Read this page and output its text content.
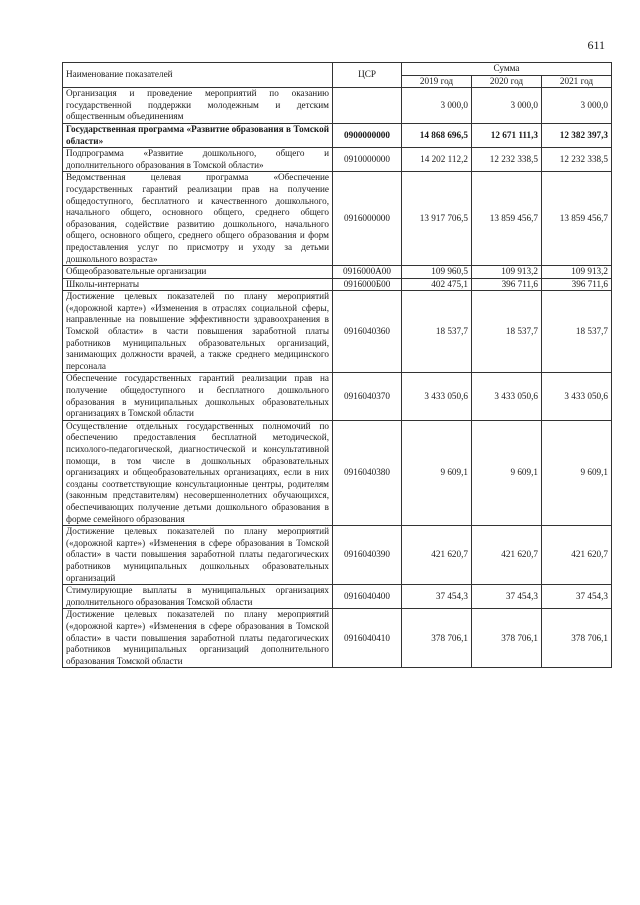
611
Наименование показателей	ЦСР	Сумма		
		2019 год	2020 год	2021 год
Организация и проведение мероприятий по оказанию государственной поддержки молодежным и детским общественным объединениям		3 000,0	3 000,0	3 000,0
Государственная программа «Развитие образования в Томской области»	0900000000	14 868 696,5	12 671 111,3	12 382 397,3
Подпрограмма «Развитие дошкольного, общего и дополнительного образования в Томской области»	0910000000	14 202 112,2	12 232 338,5	12 232 338,5
Ведомственная целевая программа «Обеспечение государственных гарантий реализации прав на получение общедоступного, бесплатного и качественного дошкольного, начального общего, основного общего, среднего общего образования, содействие развитию дошкольного, начального общего, основного общего, среднего общего образования и форм предоставления услуг по присмотру и уходу за детьми дошкольного возраста»	0916000000	13 917 706,5	13 859 456,7	13 859 456,7
Общеобразовательные организации	0916000А00	109 960,5	109 913,2	109 913,2
Школы-интернаты	0916000Б00	402 475,1	396 711,6	396 711,6
Достижение целевых показателей по плану мероприятий («дорожной карте») «Изменения в отраслях социальной сферы, направленные на повышение эффективности здравоохранения в Томской области» в части повышения заработной платы работников муниципальных образовательных организаций, занимающих должности врачей, а также среднего медицинского персонала	0916040360	18 537,7	18 537,7	18 537,7
Обеспечение государственных гарантий реализации прав на получение общедоступного и бесплатного дошкольного образования в муниципальных дошкольных образовательных организациях в Томской области	0916040370	3 433 050,6	3 433 050,6	3 433 050,6
Осуществление отдельных государственных полномочий по обеспечению предоставления бесплатной методической, психолого-педагогической, диагностической и консультативной помощи, в том числе в дошкольных образовательных организациях и общеобразовательных организациях, если в них созданы соответствующие консультационные центры, родителям (законным представителям) несовершеннолетних обучающихся, обеспечивающих получение детьми дошкольного образования в форме семейного образования	0916040380	9 609,1	9 609,1	9 609,1
Достижение целевых показателей по плану мероприятий («дорожной карте») «Изменения в сфере образования в Томской области» в части повышения заработной платы педагогических работников муниципальных дошкольных образовательных организаций	0916040390	421 620,7	421 620,7	421 620,7
Стимулирующие выплаты в муниципальных организациях дополнительного образования Томской области	0916040400	37 454,3	37 454,3	37 454,3
Достижение целевых показателей по плану мероприятий («дорожной карте») «Изменения в сфере образования в Томской области» в части повышения заработной платы педагогических работников муниципальных организаций дополнительного образования Томской области	0916040410	378 706,1	378 706,1	378 706,1
